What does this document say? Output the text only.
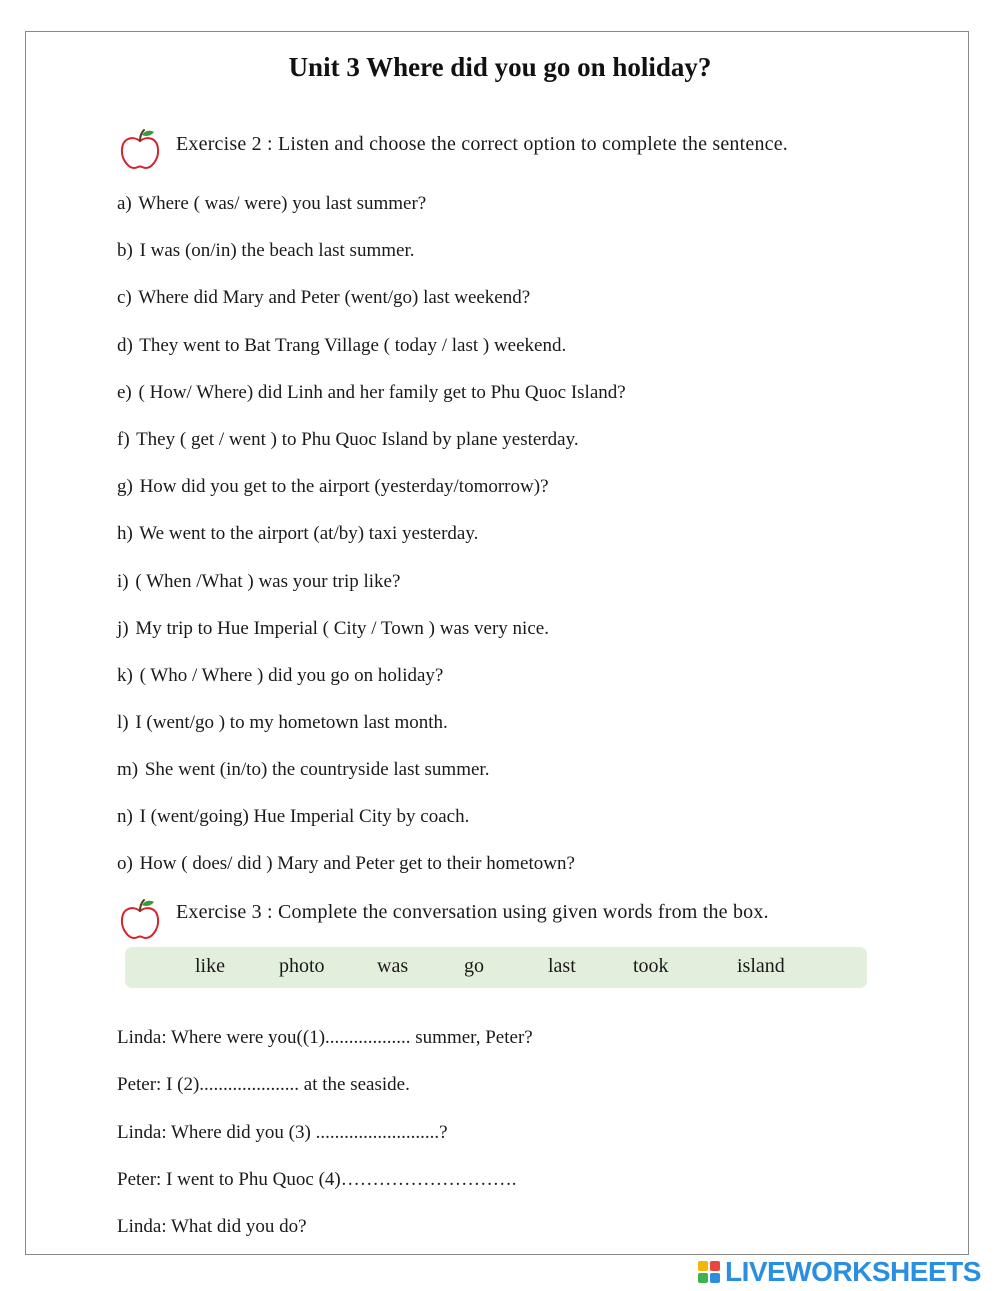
Unit 3 Where did you go on holiday?
Exercise 2 : Listen and choose the correct option to complete the sentence.
a) Where ( was/ were) you last summer?
b) I was (on/in) the beach last summer.
c) Where did Mary and Peter (went/go) last weekend?
d) They went to Bat Trang Village ( today / last ) weekend.
e) ( How/ Where) did Linh and her family get to Phu Quoc Island?
f) They ( get / went ) to Phu Quoc Island by plane yesterday.
g) How did you get to the airport (yesterday/tomorrow)?
h) We went to the airport (at/by) taxi yesterday.
i) ( When /What ) was your trip like?
j) My trip to Hue Imperial ( City / Town ) was very nice.
k) ( Who / Where ) did you go on holiday?
l) I (went/go ) to my hometown last month.
m) She went (in/to) the countryside last summer.
n) I (went/going) Hue Imperial City by coach.
o) How ( does/ did ) Mary and Peter get to their hometown?
Exercise 3 : Complete the conversation using given words from the box.
like	photo	was	go	last	took	island
Linda: Where were you((1).................. summer, Peter?
Peter: I (2)..................... at the seaside.
Linda: Where did you (3) ..........................?
Peter: I went to Phu Quoc (4)……………………….
Linda: What did you do?
LIVEWORKSHEETS
